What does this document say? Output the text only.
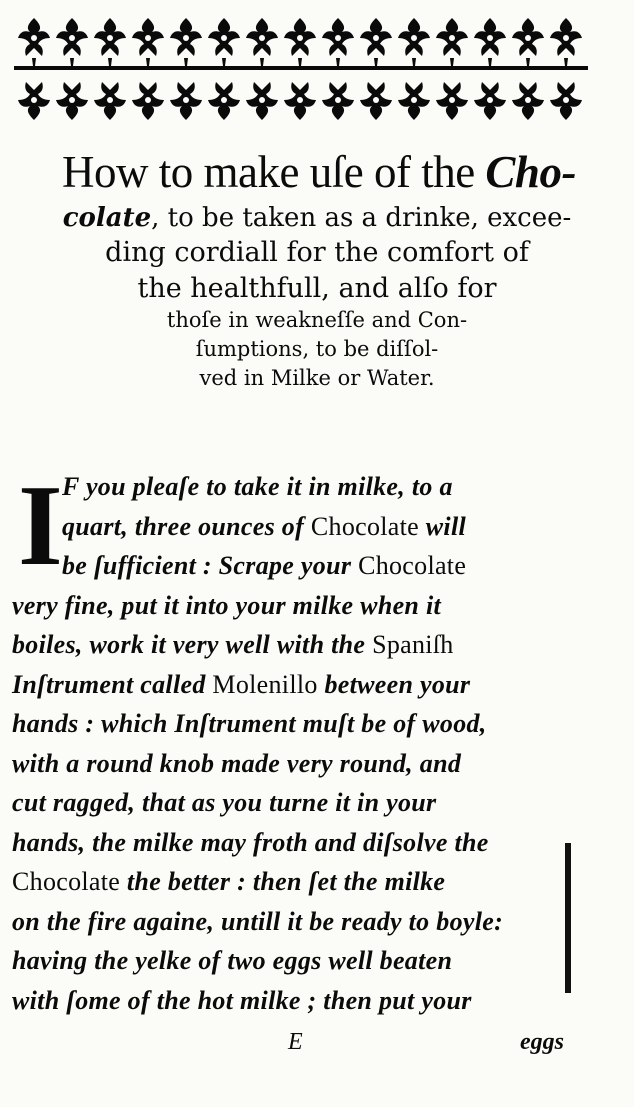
How to make uſe of the Cho-
colate, to be taken as a drinke, excee-
ding cordiall for the comfort of
the healthfull, and alſo for
thoſe in weakneſſe and Con-
ſumptions, to be diſſol-
ved in Milke or Water.
I F you pleaſe to take it in milke, to a
quart, three ounces of Chocolate will
be ſufficient : Scrape your Chocolate
very fine, put it into your milke when it
boiles, work it very well with the Spaniſh
Inſtrument called Molenillo between your
hands : which Inſtrument muſt be of wood,
with a round knob made very round, and
cut ragged, that as you turne it in your
hands, the milke may froth and diſsolve the
Chocolate the better : then ſet the milke
on the fire againe, untill it be ready to boyle:
having the yelke of two eggs well beaten
with ſome of the hot milke ; then put your
E	eggs
